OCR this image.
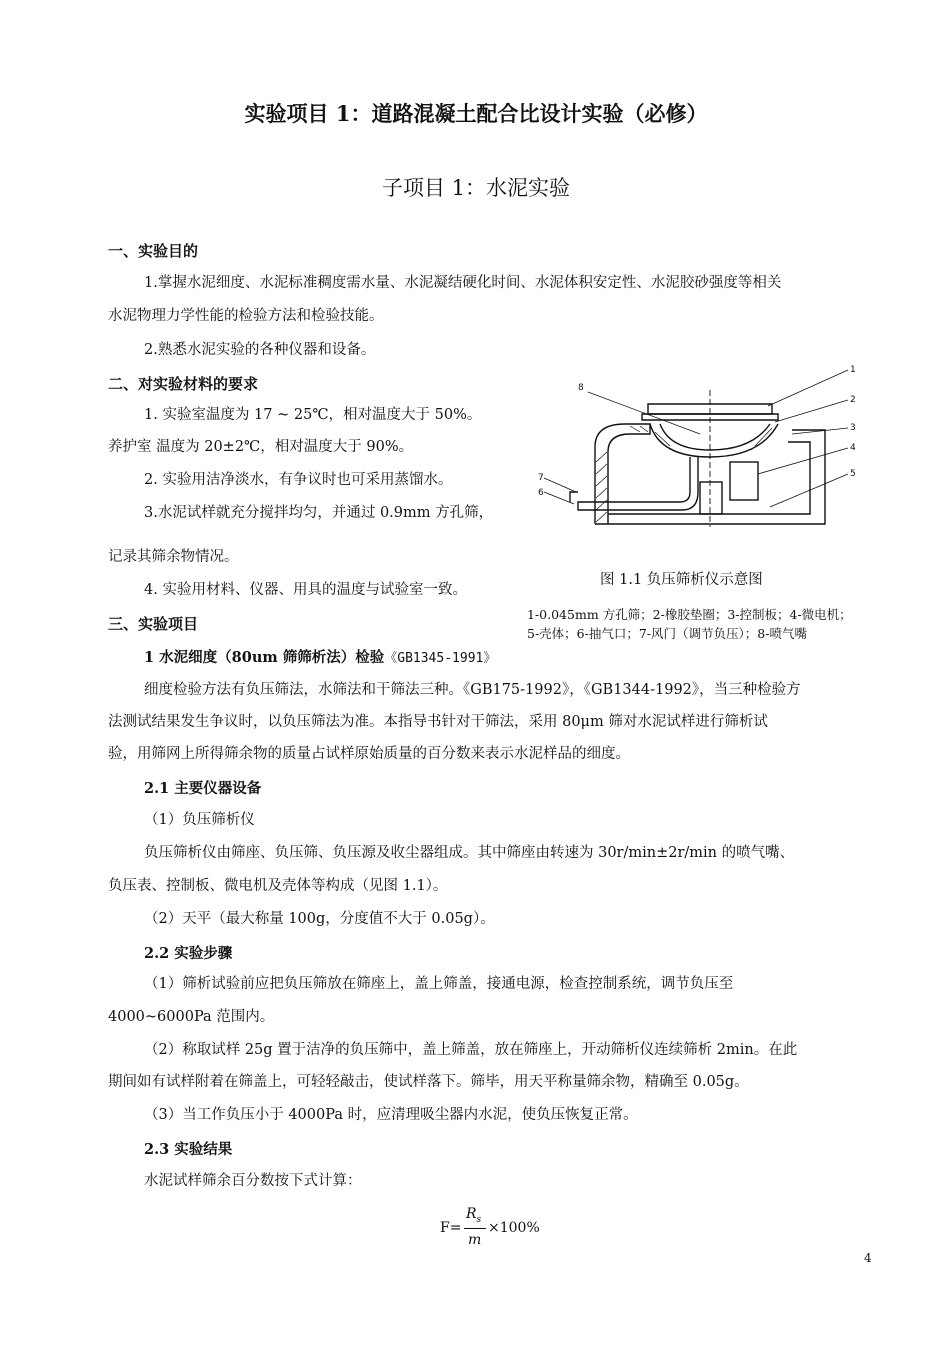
实验项目 1：道路混凝土配合比设计实验（必修）
子项目 1：水泥实验
一、实验目的
1.掌握水泥细度、水泥标准稠度需水量、水泥凝结硬化时间、水泥体积安定性、水泥胶砂强度等相关
水泥物理力学性能的检验方法和检验技能。
2.熟悉水泥实验的各种仪器和设备。
二、对实验材料的要求
1. 实验室温度为 17 ~ 25℃，相对温度大于 50%。
养护室 温度为 20±2℃，相对温度大于 90%。
2. 实验用洁净淡水，有争议时也可采用蒸馏水。
3.水泥试样就充分搅拌均匀，并通过 0.9mm 方孔筛，
记录其筛余物情况。
4. 实验用材料、仪器、用具的温度与试验室一致。
1
2
3
4
5
6
7
8
图 1.1 负压筛析仪示意图
1-0.045mm 方孔筛；2-橡胶垫圈；3-控制板；4-微电机；
5-壳体；6-抽气口；7-风门（调节负压）；8-喷气嘴
三、实验项目
1 水泥细度（80um 筛筛析法）检验《GB1345-1991》
细度检验方法有负压筛法，水筛法和干筛法三种。《GB175-1992》，《GB1344-1992》，当三种检验方
法测试结果发生争议时，以负压筛法为准。本指导书针对干筛法，采用 80μm 筛对水泥试样进行筛析试
验，用筛网上所得筛余物的质量占试样原始质量的百分数来表示水泥样品的细度。
2.1 主要仪器设备
（1）负压筛析仪
负压筛析仪由筛座、负压筛、负压源及收尘器组成。其中筛座由转速为 30r/min±2r/min 的喷气嘴、
负压表、控制板、微电机及壳体等构成（见图 1.1）。
（2）天平（最大称量 100g，分度值不大于 0.05g）。
2.2 实验步骤
（1）筛析试验前应把负压筛放在筛座上，盖上筛盖，接通电源，检查控制系统，调节负压至
4000~6000Pa 范围内。
（2）称取试样 25g 置于洁净的负压筛中，盖上筛盖，放在筛座上，开动筛析仪连续筛析 2min。在此
期间如有试样附着在筛盖上，可轻轻敲击，使试样落下。筛毕，用天平称量筛余物，精确至 0.05g。
（3）当工作负压小于 4000Pa 时，应清理吸尘器内水泥，使负压恢复正常。
2.3 实验结果
水泥试样筛余百分数按下式计算：
F=
$R_s$
m
×100%
4
